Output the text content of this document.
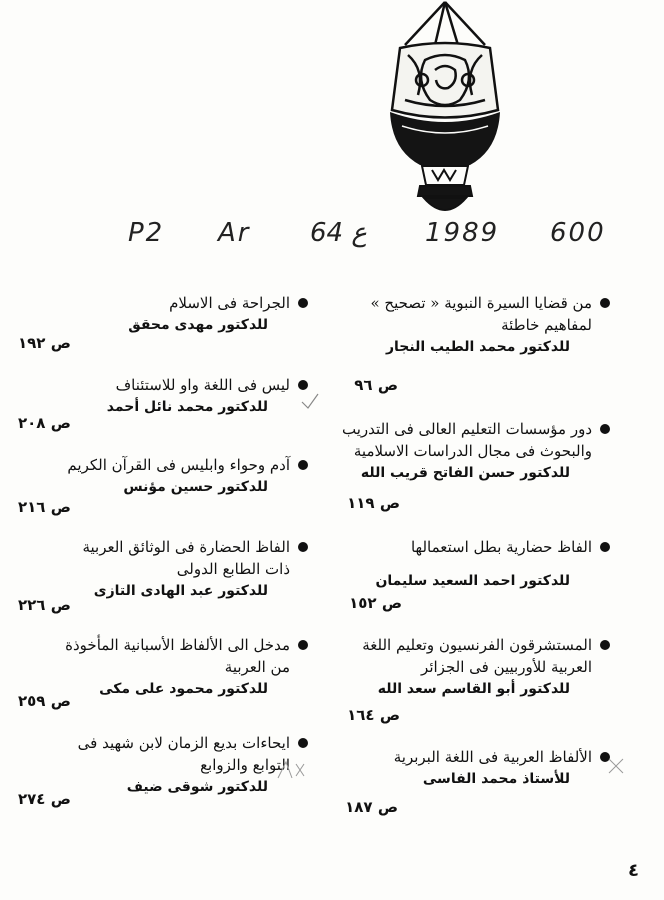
P2 Ar 64 ع 1989 600
من قضايا السيرة النبوية « تصحيح »
لمفاهيم خاطئة
للدكتور محمد الطيب النجار
ص ٩٦
دور مؤسسات التعليم العالى فى التدريب
والبحوث فى مجال الدراسات الاسلامية
للدكتور حسن الفاتح قريب الله
ص ١١٩
الفاظ حضارية بطل استعمالها
للدكتور احمد السعيد سليمان
ص ١٥٢
المستشرقون الفرنسيون وتعليم اللغة
العربية للأوربيين فى الجزائر
للدكتور أبو القاسم سعد الله
ص ١٦٤
الألفاظ العربية فى اللغة البربرية
للأستاذ محمد الفاسى
ص ١٨٧
الجراحة فى الاسلام
للدكتور مهدى محقق
ص ١٩٢
ليس فى اللغة واو للاستئناف
للدكتور محمد نائل أحمد
ص ٢٠٨
آدم وحواء وابليس فى القرآن الكريم
للدكتور حسين مؤنس
ص ٢١٦
الفاظ الحضارة فى الوثائق العربية
ذات الطابع الدولى
للدكتور عبد الهادى التازى
ص ٢٢٦
مدخل الى الألفاظ الأسبانية المأخوذة
من العربية
للدكتور محمود على مكى
ص ٢٥٩
ايحاءات بديع الزمان لابن شهيد فى
التوابع والزوابع
للدكتور شوقى ضيف
ص ٢٧٤
٤
